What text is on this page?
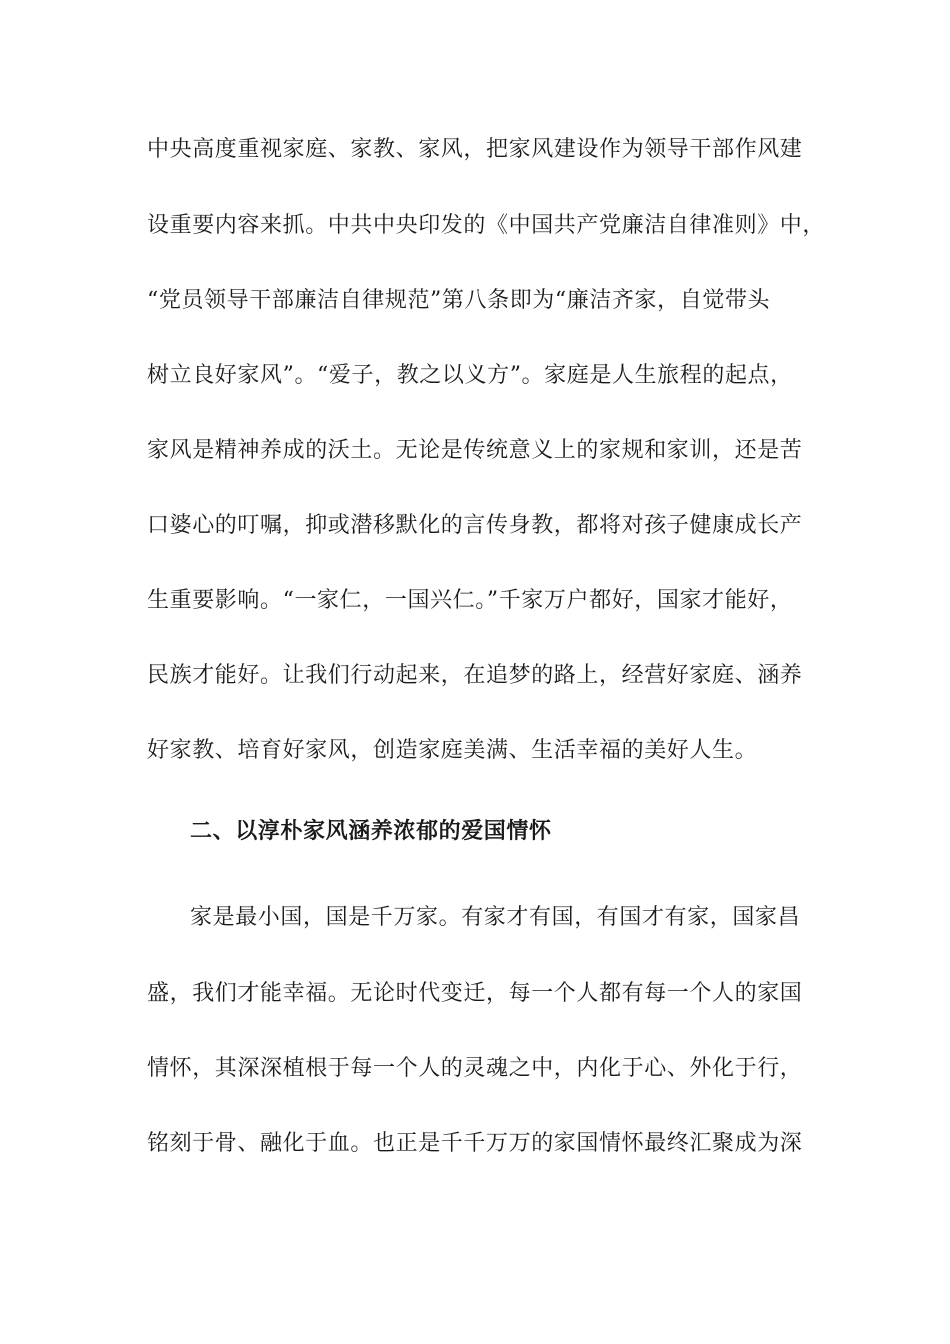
中央高度重视家庭、家教、家风，把家风建设作为领导干部作风建
设重要内容来抓。中共中央印发的《中国共产党廉洁自律准则》中，
“党员领导干部廉洁自律规范”第八条即为“廉洁齐家，自觉带头
树立良好家风”。“爱子，教之以义方”。家庭是人生旅程的起点，
家风是精神养成的沃土。无论是传统意义上的家规和家训，还是苦
口婆心的叮嘱，抑或潜移默化的言传身教，都将对孩子健康成长产
生重要影响。“一家仁，一国兴仁。”千家万户都好，国家才能好，
民族才能好。让我们行动起来，在追梦的路上，经营好家庭、涵养
好家教、培育好家风，创造家庭美满、生活幸福的美好人生。
二、以淳朴家风涵养浓郁的爱国情怀
家是最小国，国是千万家。有家才有国，有国才有家，国家昌
盛，我们才能幸福。无论时代变迁，每一个人都有每一个人的家国
情怀，其深深植根于每一个人的灵魂之中，内化于心、外化于行，
铭刻于骨、融化于血。也正是千千万万的家国情怀最终汇聚成为深
